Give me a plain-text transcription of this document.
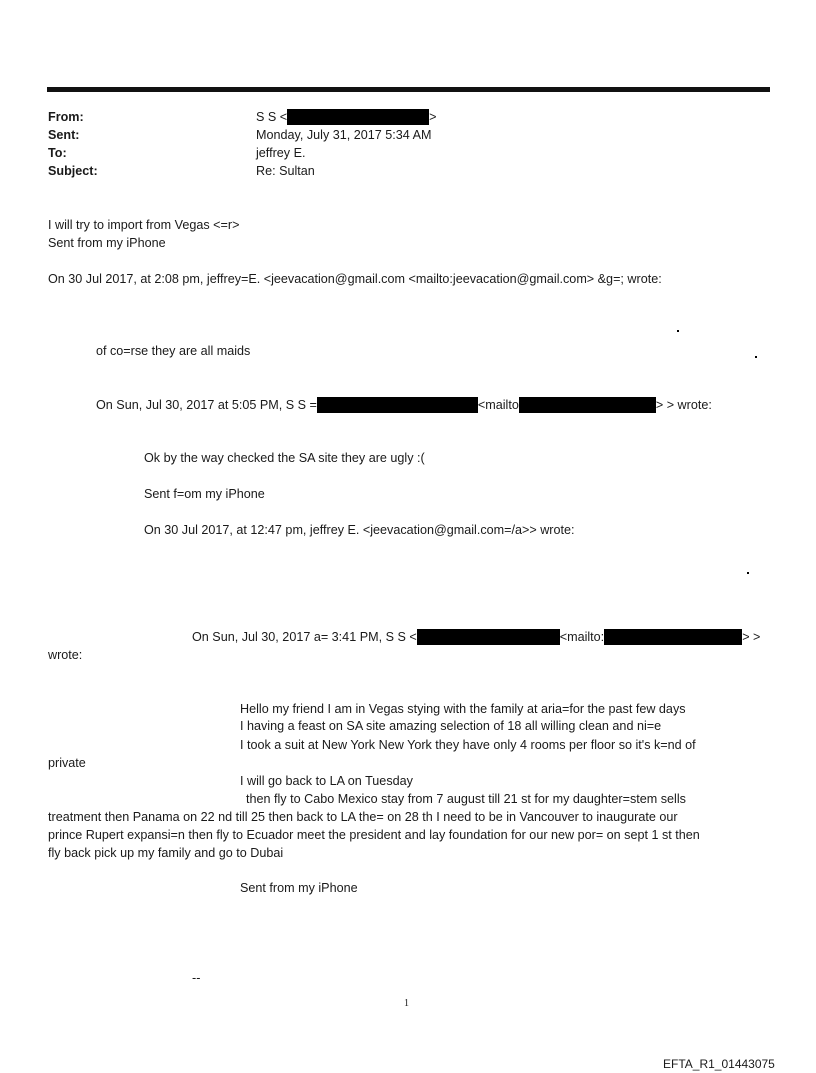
From:	S S <	>
Sent:	Monday, July 31, 2017 5:34 AM
To:	jeffrey E.
Subject:	Re: Sultan
I will try to import from Vegas <=r>
Sent from my iPhone
On 30 Jul 2017, at 2:08 pm, jeffrey=E. <jeevacation@gmail.com <mailto:jeevacation@gmail.com> &g=; wrote:
of co=rse they are all maids
On Sun, Jul 30, 2017 at 5:05 PM, S S =	<mailto	> > wrote:
Ok by the way checked the SA site they are ugly :(
Sent f=om my iPhone
On 30 Jul 2017, at 12:47 pm, jeffrey E. <jeevacation@gmail.com=/a>> wrote:
On Sun, Jul 30, 2017 a= 3:41 PM, S S <	<mailto:	> >
wrote:
Hello my friend I am in Vegas stying with the family at aria=for the past few days
I having a feast on SA site amazing selection of 18 all willing clean and ni=e
I took a suit at New York New York they have only 4 rooms per floor so it's k=nd of
private
I will go back to LA on Tuesday
then fly to Cabo Mexico stay from 7 august till 21 st for my daughter=stem sells
treatment then Panama on 22 nd till 25 then back to LA the= on 28 th I need to be in Vancouver to inaugurate our
prince Rupert expansi=n then fly to Ecuador meet the president and lay foundation for our new por= on sept 1 st then
fly back pick up my family and go to Dubai
Sent from my iPhone
--
1
EFTA_R1_01443075
